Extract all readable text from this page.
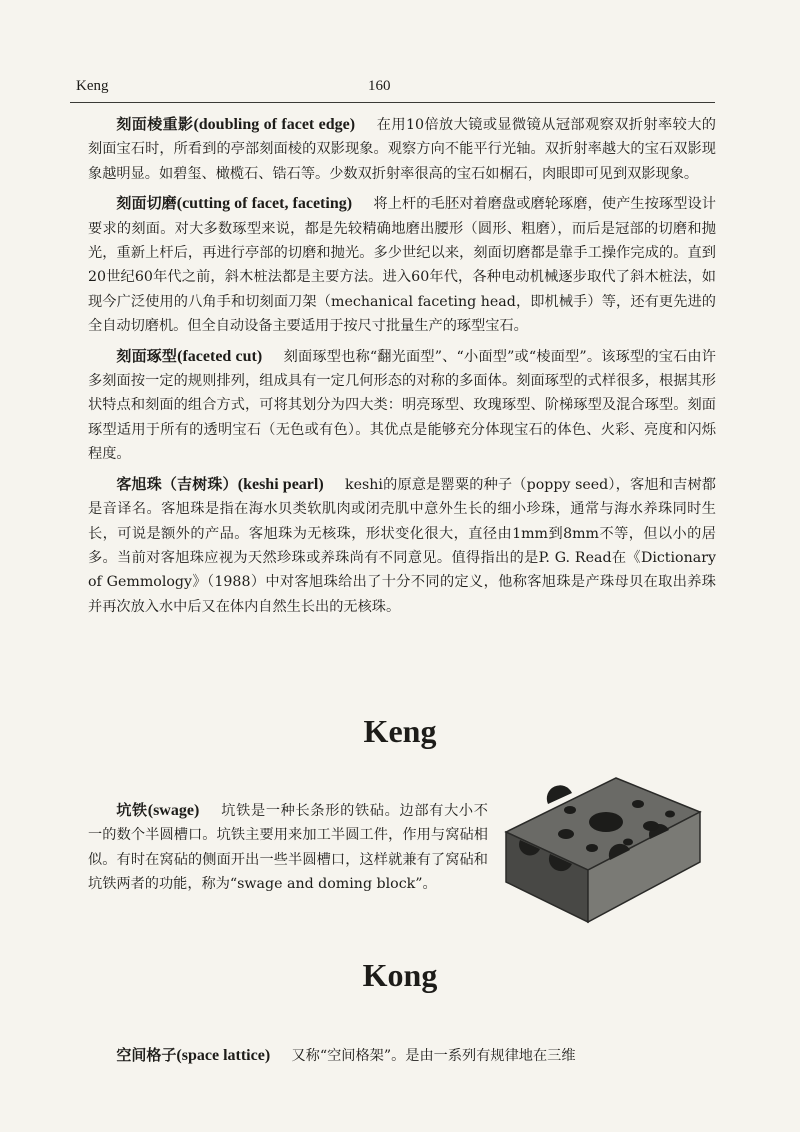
Keng	160

刻面棱重影(doubling of facet edge) 在用10倍放大镜或显微镜从冠部观察双折射率较大的刻面宝石时，所看到的亭部刻面棱的双影现象。观察方向不能平行光轴。双折射率越大的宝石双影现象越明显。如碧玺、橄榄石、锆石等。少数双折射率很高的宝石如榍石，肉眼即可见到双影现象。

刻面切磨(cutting of facet, faceting) 将上杆的毛胚对着磨盘或磨轮琢磨，使产生按琢型设计要求的刻面。对大多数琢型来说，都是先较精确地磨出腰形（圆形、粗磨），而后是冠部的切磨和抛光，重新上杆后，再进行亭部的切磨和抛光。多少世纪以来，刻面切磨都是靠手工操作完成的。直到20世纪60年代之前，斜木桩法都是主要方法。进入60年代，各种电动机械逐步取代了斜木桩法，如现今广泛使用的八角手和切刻面刀架（mechanical faceting head，即机械手）等，还有更先进的全自动切磨机。但全自动设备主要适用于按尺寸批量生产的琢型宝石。

刻面琢型(faceted cut) 刻面琢型也称“翻光面型”、“小面型”或“棱面型”。该琢型的宝石由许多刻面按一定的规则排列，组成具有一定几何形态的对称的多面体。刻面琢型的式样很多，根据其形状特点和刻面的组合方式，可将其划分为四大类：明亮琢型、玫瑰琢型、阶梯琢型及混合琢型。刻面琢型适用于所有的透明宝石（无色或有色）。其优点是能够充分体现宝石的体色、火彩、亮度和闪烁程度。

客旭珠（吉树珠）(keshi pearl) keshi的原意是罂粟的种子（poppy seed），客旭和吉树都是音译名。客旭珠是指在海水贝类软肌肉或闭壳肌中意外生长的细小珍珠，通常与海水养珠同时生长，可说是额外的产品。客旭珠为无核珠，形状变化很大，直径由1mm到8mm不等，但以小的居多。当前对客旭珠应视为天然珍珠或养珠尚有不同意见。值得指出的是P. G. Read在《Dictionary of Gemmology》（1988）中对客旭珠给出了十分不同的定义，他称客旭珠是产珠母贝在取出养珠并再次放入水中后又在体内自然生长出的无核珠。

Keng

坑铁(swage) 坑铁是一种长条形的铁砧。边部有大小不一的数个半圆槽口。坑铁主要用来加工半圆工件，作用与窝砧相似。有时在窝砧的侧面开出一些半圆槽口，这样就兼有了窝砧和坑铁两者的功能，称为“swage and doming block”。

Kong

空间格子(space lattice) 又称“空间格架”。是由一系列有规律地在三维
